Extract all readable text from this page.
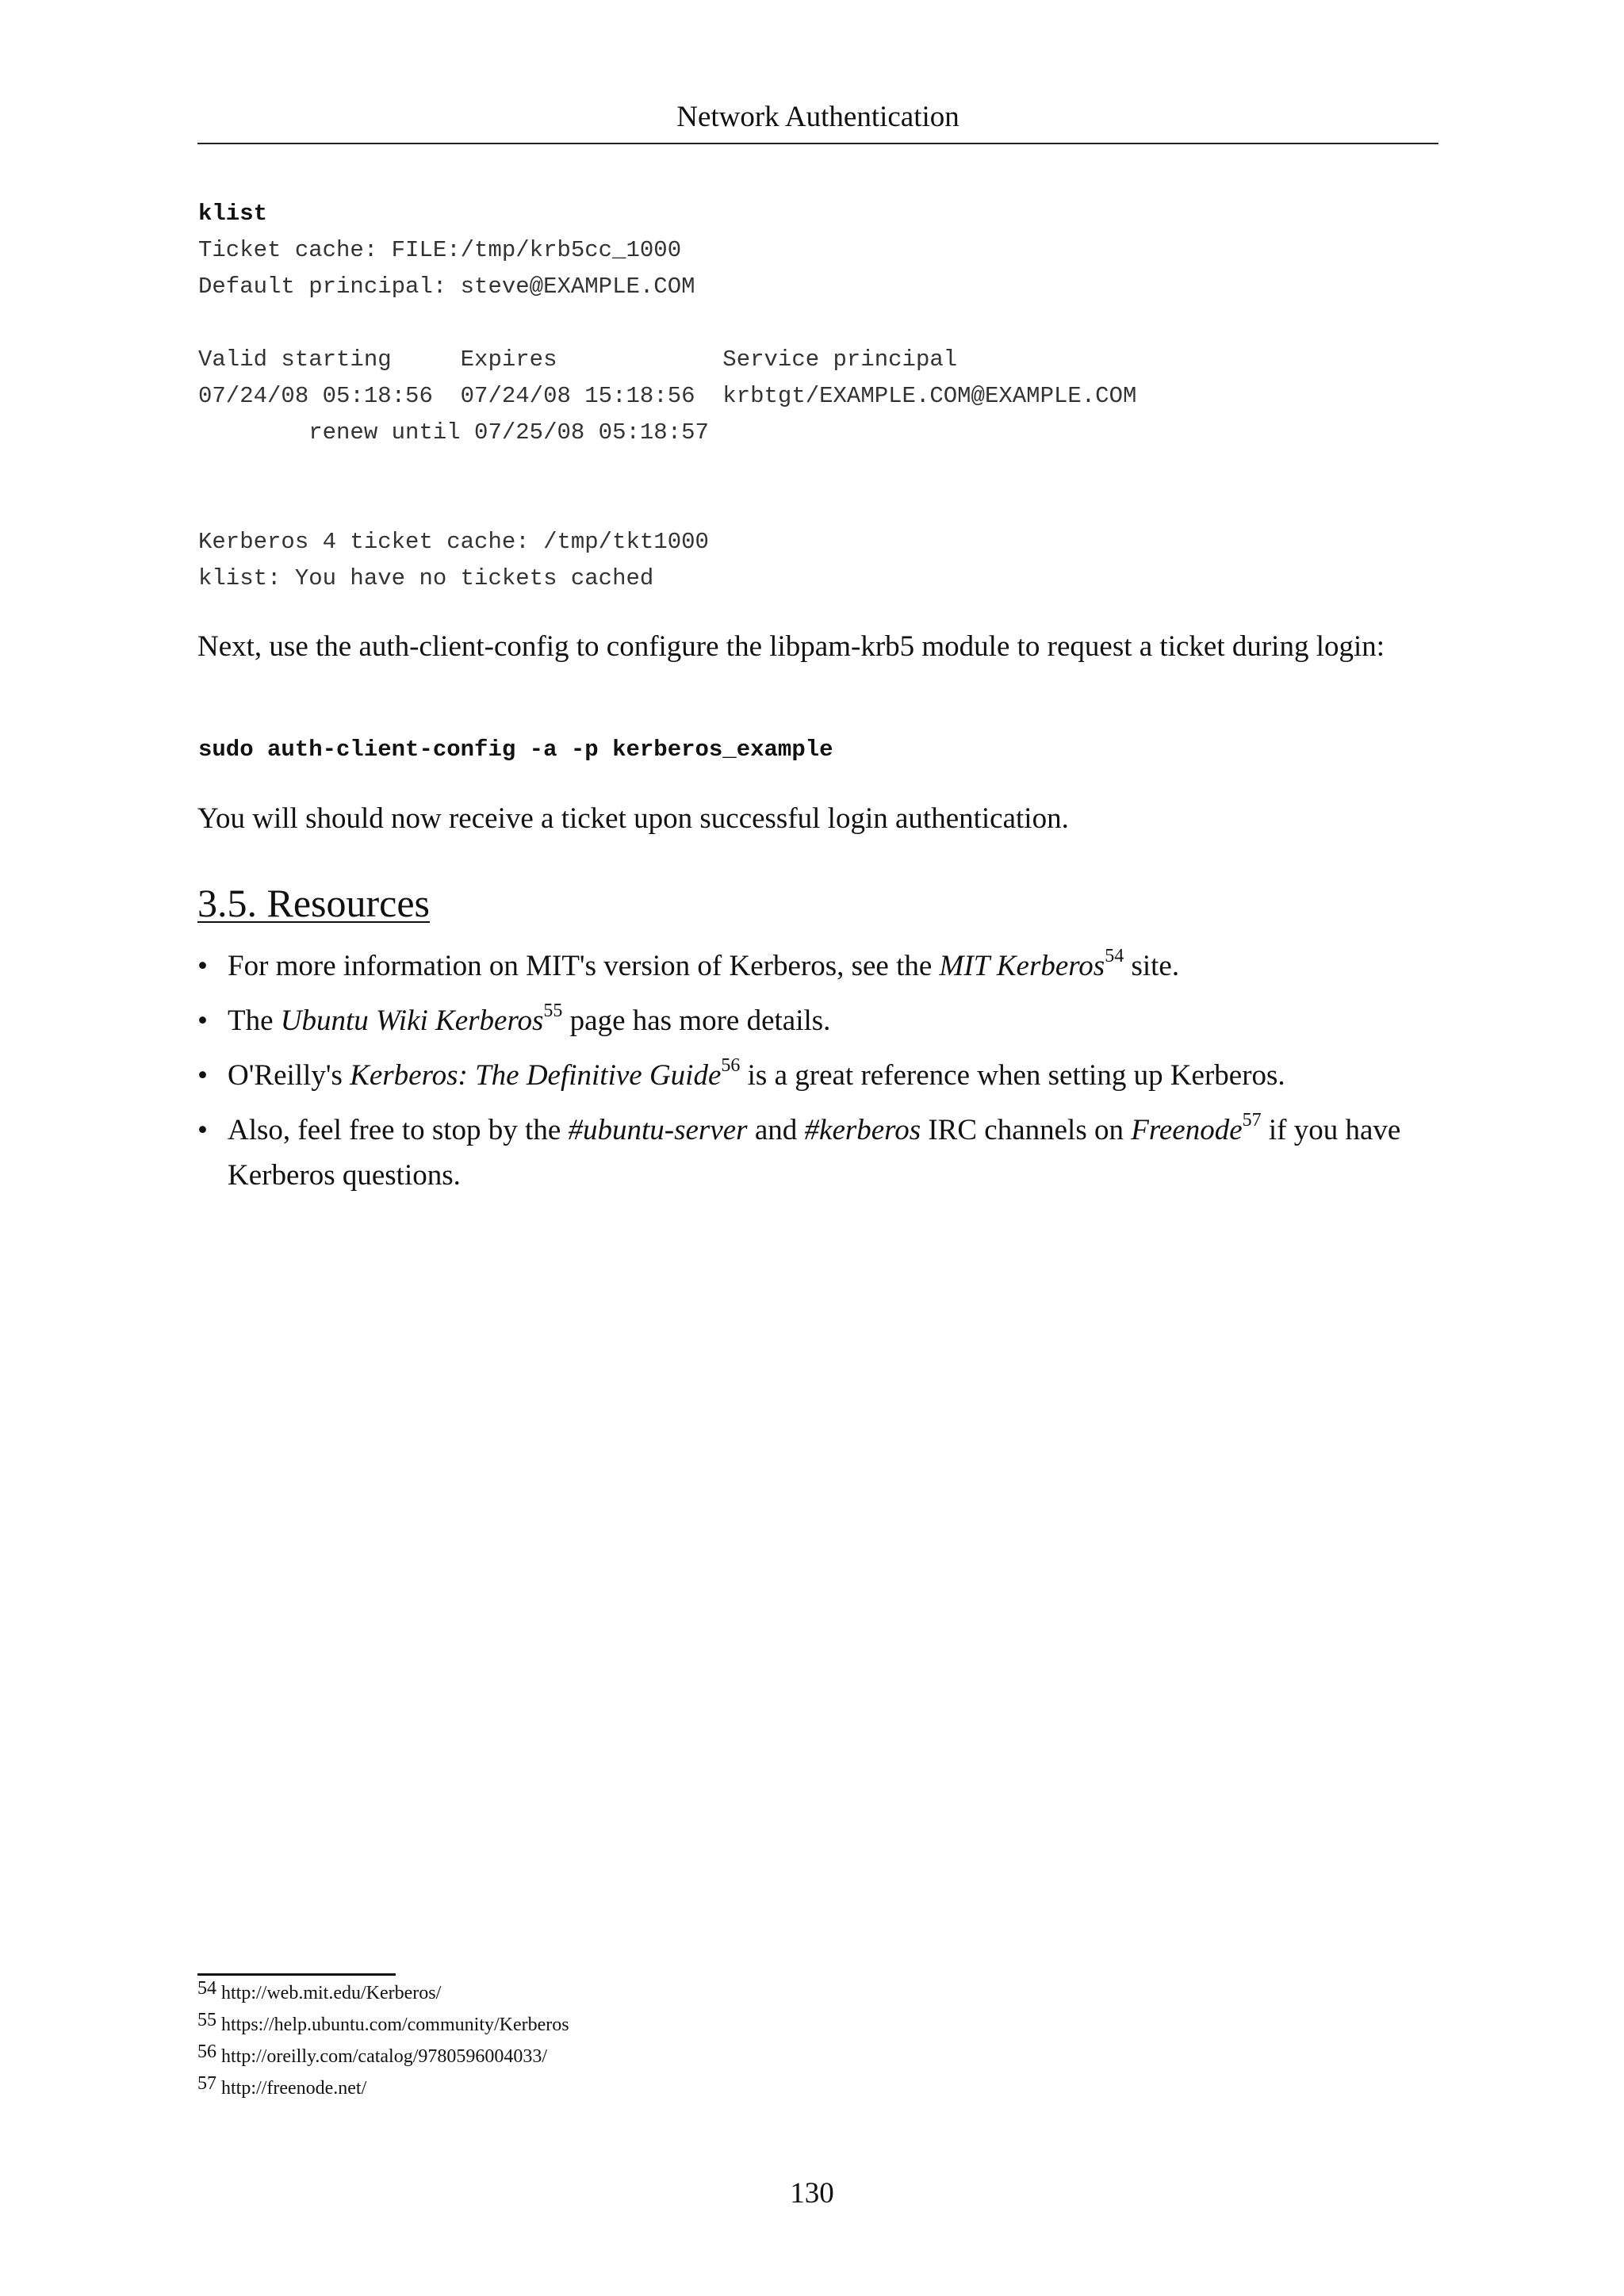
Network Authentication
klist
Ticket cache: FILE:/tmp/krb5cc_1000
Default principal: steve@EXAMPLE.COM
Valid starting     Expires            Service principal
07/24/08 05:18:56  07/24/08 15:18:56  krbtgt/EXAMPLE.COM@EXAMPLE.COM
renew until 07/25/08 05:18:57
Kerberos 4 ticket cache: /tmp/tkt1000
klist: You have no tickets cached
Next, use the auth-client-config to configure the libpam-krb5 module to request a ticket during login:
sudo auth-client-config -a -p kerberos_example
You will should now receive a ticket upon successful login authentication.
3.5. Resources
• For more information on MIT's version of Kerberos, see the MIT Kerberos$^{54}$ site.
• The Ubuntu Wiki Kerberos$^{55}$ page has more details.
• O'Reilly's Kerberos: The Definitive Guide$^{56}$ is a great reference when setting up Kerberos.
• Also, feel free to stop by the #ubuntu-server and #kerberos IRC channels on Freenode$^{57}$ if you have Kerberos questions.
54 http://web.mit.edu/Kerberos/
55 https://help.ubuntu.com/community/Kerberos
56 http://oreilly.com/catalog/9780596004033/
57 http://freenode.net/
130
